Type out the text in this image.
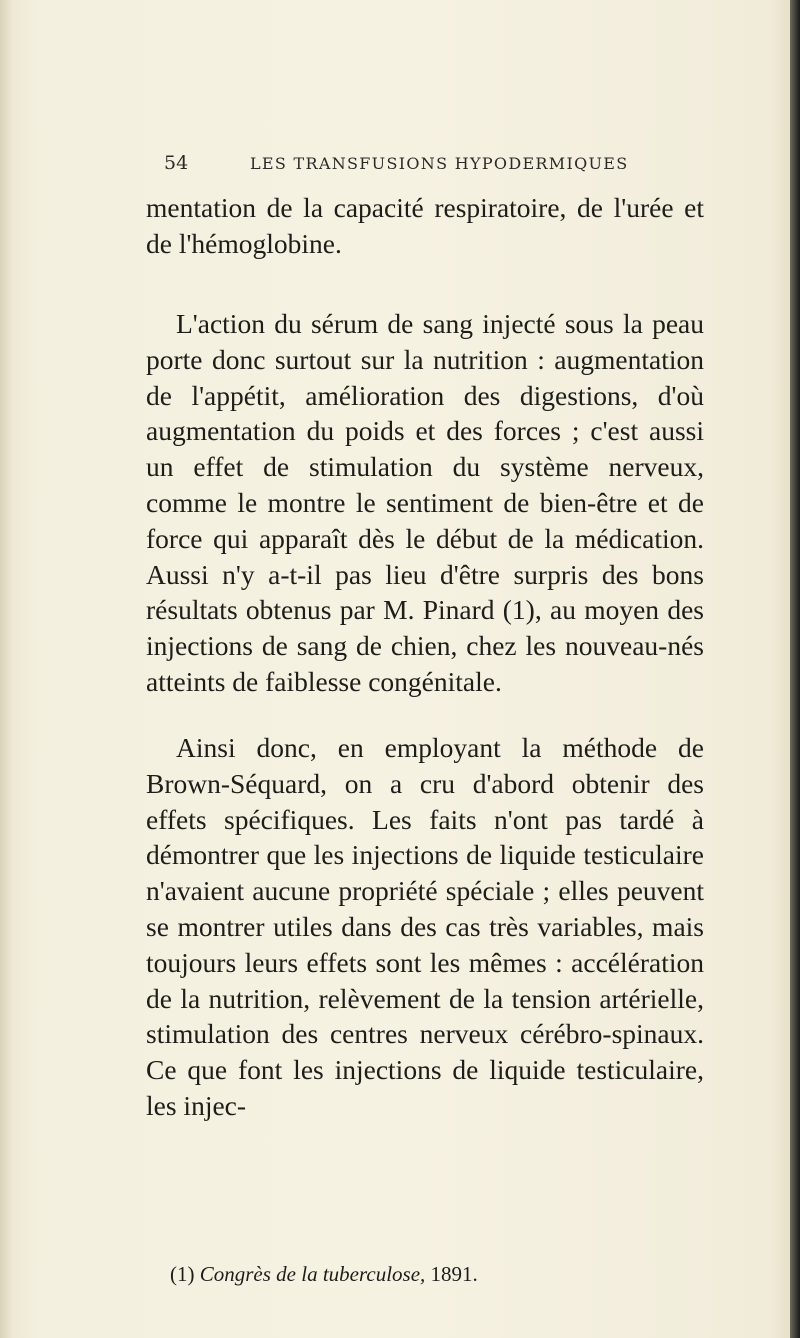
54	LES TRANSFUSIONS HYPODERMIQUES

mentation de la capacité respiratoire, de l'urée et de l'hémoglobine.

L'action du sérum de sang injecté sous la peau porte donc surtout sur la nutrition : augmentation de l'appétit, amélioration des digestions, d'où augmentation du poids et des forces ; c'est aussi un effet de stimulation du système nerveux, comme le montre le sentiment de bien-être et de force qui apparaît dès le début de la médication. Aussi n'y a-t-il pas lieu d'être surpris des bons résultats obtenus par M. Pinard (1), au moyen des injections de sang de chien, chez les nouveau-nés atteints de faiblesse congénitale.

Ainsi donc, en employant la méthode de Brown-Séquard, on a cru d'abord obtenir des effets spécifiques. Les faits n'ont pas tardé à démontrer que les injections de liquide testiculaire n'avaient aucune propriété spéciale ; elles peuvent se montrer utiles dans des cas très variables, mais toujours leurs effets sont les mêmes : accélération de la nutrition, relèvement de la tension artérielle, stimulation des centres nerveux cérébro-spinaux. Ce que font les injections de liquide testiculaire, les injec-

(1) Congrès de la tuberculose, 1891.
